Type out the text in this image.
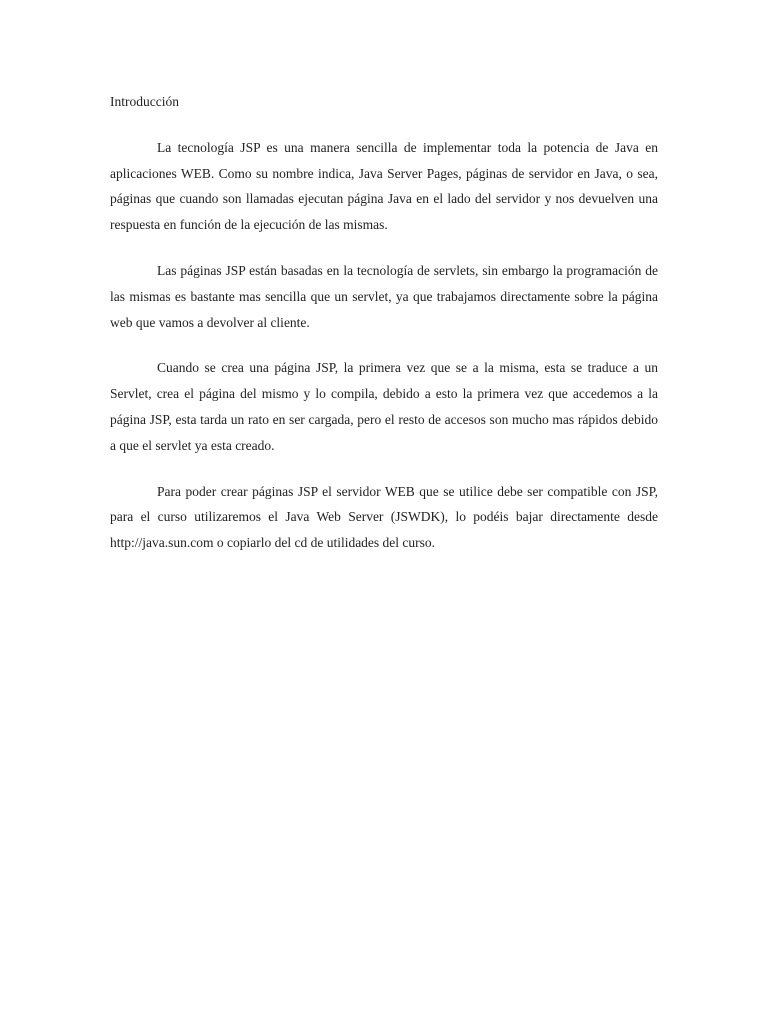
Introducción

La tecnología JSP es una manera sencilla de implementar toda la potencia de Java en aplicaciones WEB. Como su nombre indica, Java Server Pages, páginas de servidor en Java, o sea, páginas que cuando son llamadas ejecutan página Java en el lado del servidor y nos devuelven una respuesta en función de la ejecución de las mismas.

Las páginas JSP están basadas en la tecnología de servlets, sin embargo la programación de las mismas es bastante mas sencilla que un servlet, ya que trabajamos directamente sobre la página web que vamos a devolver al cliente.

Cuando se crea una página JSP, la primera vez que se a la misma, esta se traduce a un Servlet, crea el página del mismo y lo compila, debido a esto la primera vez que accedemos a la página JSP, esta tarda un rato en ser cargada, pero el resto de accesos son mucho mas rápidos debido a que el servlet ya esta creado.

Para poder crear páginas JSP el servidor WEB que se utilice debe ser compatible con JSP, para el curso utilizaremos el Java Web Server (JSWDK), lo podéis bajar directamente desde http://java.sun.com o copiarlo del cd de utilidades del curso.
